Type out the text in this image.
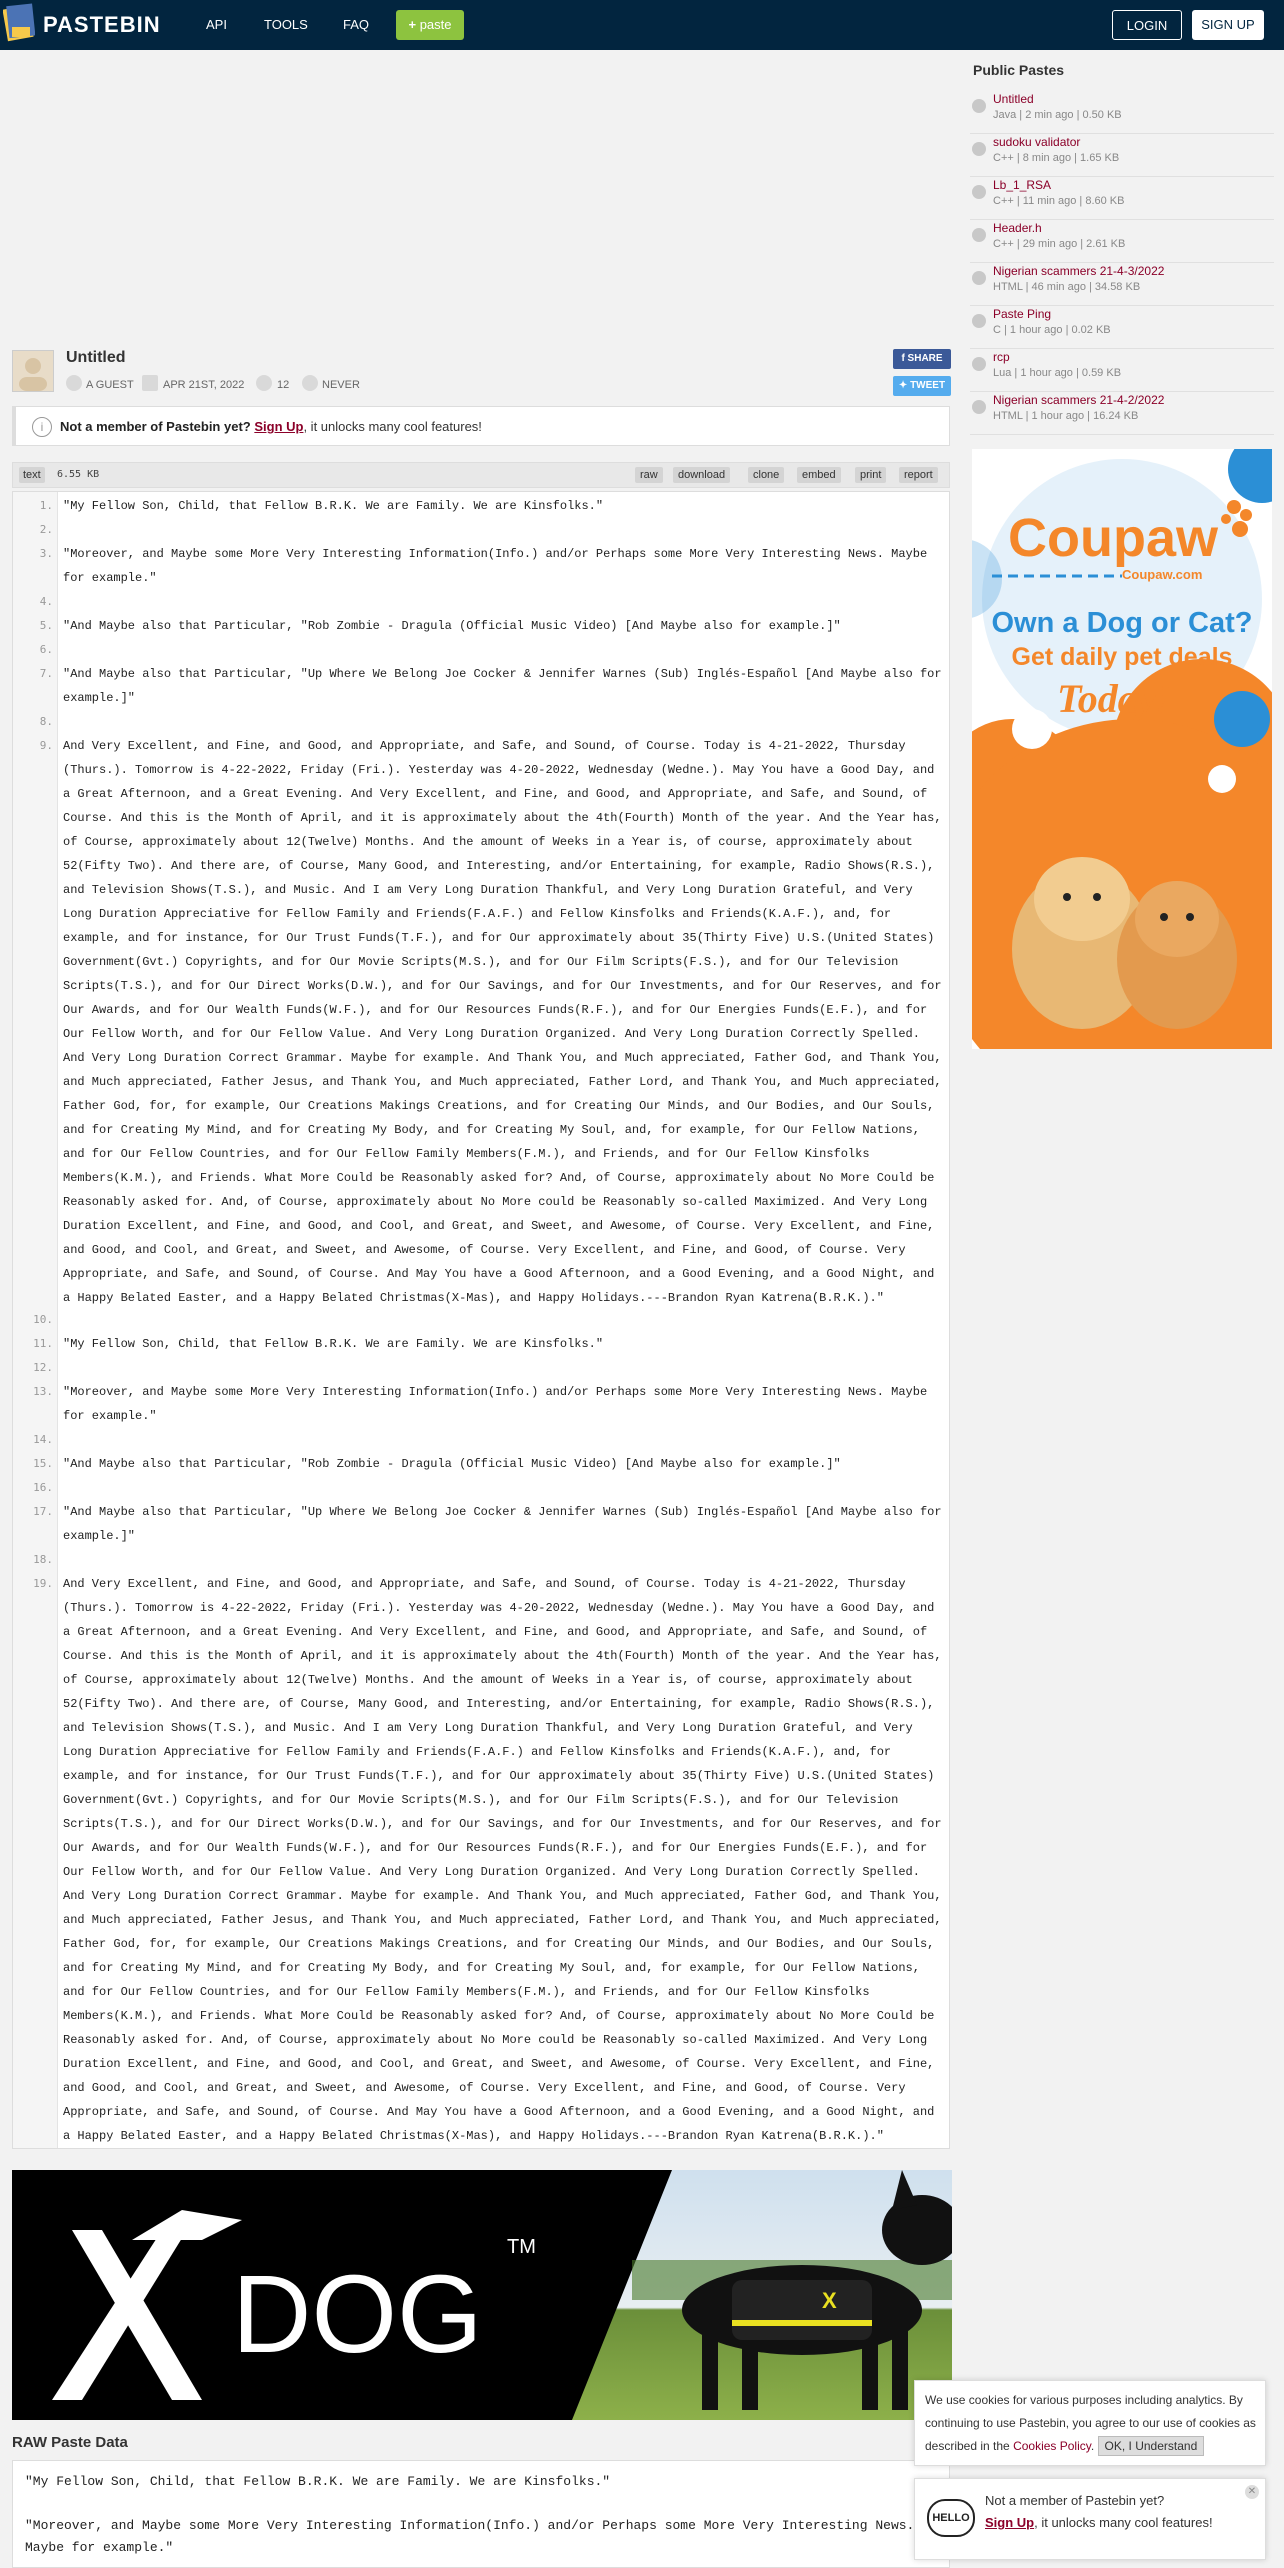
PASTEBIN	API	TOOLS	FAQ	+ paste	LOGIN	SIGN UP
Untitled
A GUEST	APR 21ST, 2022	12	NEVER
f SHARE
✦ TWEET
i	Not a member of Pastebin yet? Sign Up, it unlocks many cool features!
text	6.55 KB	raw	download	clone	embed	print	report
1. "My Fellow Son, Child, that Fellow B.R.K. We are Family. We are Kinsfolks."
2.
3. "Moreover, and Maybe some More Very Interesting Information(Info.) and/or Perhaps some More Very Interesting News. Maybe for example."
4.
5. "And Maybe also that Particular, "Rob Zombie - Dragula (Official Music Video) [And Maybe also for example.]"
6.
7. "And Maybe also that Particular, "Up Where We Belong Joe Cocker & Jennifer Warnes (Sub) Inglés-Español [And Maybe also for example.]"
8.
9. And Very Excellent, and Fine, and Good, and Appropriate, and Safe, and Sound, of Course. Today is 4-21-2022, Thursday (Thurs.). Tomorrow is 4-22-2022, Friday (Fri.). Yesterday was 4-20-2022, Wednesday (Wedne.). May You have a Good Day, and a Great Afternoon, and a Great Evening. And Very Excellent, and Fine, and Good, and Appropriate, and Safe, and Sound, of Course. And this is the Month of April, and it is approximately about the 4th(Fourth) Month of the year. And the Year has, of Course, approximately about 12(Twelve) Months. And the amount of Weeks in a Year is, of course, approximately about 52(Fifty Two). And there are, of Course, Many Good, and Interesting, and/or Entertaining, for example, Radio Shows(R.S.), and Television Shows(T.S.), and Music. And I am Very Long Duration Thankful, and Very Long Duration Grateful, and Very Long Duration Appreciative for Fellow Family and Friends(F.A.F.) and Fellow Kinsfolks and Friends(K.A.F.), and, for example, and for instance, for Our Trust Funds(T.F.), and for Our approximately about 35(Thirty Five) U.S.(United States) Government(Gvt.) Copyrights, and for Our Movie Scripts(M.S.), and for Our Film Scripts(F.S.), and for Our Television Scripts(T.S.), and for Our Direct Works(D.W.), and for Our Savings, and for Our Investments, and for Our Reserves, and for Our Awards, and for Our Wealth Funds(W.F.), and for Our Resources Funds(R.F.), and for Our Energies Funds(E.F.), and for Our Fellow Worth, and for Our Fellow Value. And Very Long Duration Organized. And Very Long Duration Correctly Spelled. And Very Long Duration Correct Grammar. Maybe for example. And Thank You, and Much appreciated, Father God, and Thank You, and Much appreciated, Father Jesus, and Thank You, and Much appreciated, Father Lord, and Thank You, and Much appreciated, Father God, for, for example, Our Creations Makings Creations, and for Creating Our Minds, and Our Bodies, and Our Souls, and for Creating My Mind, and for Creating My Body, and for Creating My Soul, and, for example, for Our Fellow Nations, and for Our Fellow Countries, and for Our Fellow Family Members(F.M.), and Friends, and for Our Fellow Kinsfolks Members(K.M.), and Friends. What More Could be Reasonably asked for? And, of Course, approximately about No More Could be Reasonably asked for. And, of Course, approximately about No More could be Reasonably so-called Maximized. And Very Long Duration Excellent, and Fine, and Good, and Cool, and Great, and Sweet, and Awesome, of Course. Very Excellent, and Fine, and Good, and Cool, and Great, and Sweet, and Awesome, of Course. Very Excellent, and Fine, and Good, of Course. Very Appropriate, and Safe, and Sound, of Course. And May You have a Good Afternoon, and a Good Evening, and a Good Night, and a Happy Belated Easter, and a Happy Belated Christmas(X-Mas), and Happy Holidays.---Brandon Ryan Katrena(B.R.K.)."
10.
11. "My Fellow Son, Child, that Fellow B.R.K. We are Family. We are Kinsfolks."
12.
13. "Moreover, and Maybe some More Very Interesting Information(Info.) and/or Perhaps some More Very Interesting News. Maybe for example."
14.
15. "And Maybe also that Particular, "Rob Zombie - Dragula (Official Music Video) [And Maybe also for example.]"
16.
17. "And Maybe also that Particular, "Up Where We Belong Joe Cocker & Jennifer Warnes (Sub) Inglés-Español [And Maybe also for example.]"
18.
19. And Very Excellent, and Fine, and Good, and Appropriate, and Safe, and Sound, of Course. Today is 4-21-2022, Thursday (Thurs.). Tomorrow is 4-22-2022, Friday (Fri.). Yesterday was 4-20-2022, Wednesday (Wedne.). May You have a Good Day, and a Great Afternoon, and a Great Evening. And Very Excellent, and Fine, and Good, and Appropriate, and Safe, and Sound, of Course. And this is the Month of April, and it is approximately about the 4th(Fourth) Month of the year. And the Year has, of Course, approximately about 12(Twelve) Months. And the amount of Weeks in a Year is, of course, approximately about 52(Fifty Two). And there are, of Course, Many Good, and Interesting, and/or Entertaining, for example, Radio Shows(R.S.), and Television Shows(T.S.), and Music. And I am Very Long Duration Thankful, and Very Long Duration Grateful, and Very Long Duration Appreciative for Fellow Family and Friends(F.A.F.) and Fellow Kinsfolks and Friends(K.A.F.), and, for example, and for instance, for Our Trust Funds(T.F.), and for Our approximately about 35(Thirty Five) U.S.(United States) Government(Gvt.) Copyrights, and for Our Movie Scripts(M.S.), and for Our Film Scripts(F.S.), and for Our Television Scripts(T.S.), and for Our Direct Works(D.W.), and for Our Savings, and for Our Investments, and for Our Reserves, and for Our Awards, and for Our Wealth Funds(W.F.), and for Our Resources Funds(R.F.), and for Our Energies Funds(E.F.), and for Our Fellow Worth, and for Our Fellow Value. And Very Long Duration Organized. And Very Long Duration Correctly Spelled. And Very Long Duration Correct Grammar. Maybe for example. And Thank You, and Much appreciated, Father God, and Thank You, and Much appreciated, Father Jesus, and Thank You, and Much appreciated, Father Lord, and Thank You, and Much appreciated, Father God, for, for example, Our Creations Makings Creations, and for Creating Our Minds, and Our Bodies, and Our Souls, and for Creating My Mind, and for Creating My Body, and for Creating My Soul, and, for example, for Our Fellow Nations, and for Our Fellow Countries, and for Our Fellow Family Members(F.M.), and Friends, and for Our Fellow Kinsfolks Members(K.M.), and Friends. What More Could be Reasonably asked for? And, of Course, approximately about No More Could be Reasonably asked for. And, of Course, approximately about No More could be Reasonably so-called Maximized. And Very Long Duration Excellent, and Fine, and Good, and Cool, and Great, and Sweet, and Awesome, of Course. Very Excellent, and Fine, and Good, and Cool, and Great, and Sweet, and Awesome, of Course. Very Excellent, and Fine, and Good, of Course. Very Appropriate, and Safe, and Sound, of Course. And May You have a Good Afternoon, and a Good Evening, and a Good Night, and a Happy Belated Easter, and a Happy Belated Christmas(X-Mas), and Happy Holidays.---Brandon Ryan Katrena(B.R.K.)."
X
DOG
TM
RAW Paste Data
"My Fellow Son, Child, that Fellow B.R.K. We are Family. We are Kinsfolks."
"Moreover, and Maybe some More Very Interesting Information(Info.) and/or Perhaps some More Very Interesting News. Maybe for example."
Public Pastes
Untitled
Java | 2 min ago | 0.50 KB
sudoku validator
C++ | 8 min ago | 1.65 KB
Lb_1_RSA
C++ | 11 min ago | 8.60 KB
Header.h
C++ | 29 min ago | 2.61 KB
Nigerian scammers 21-4-3/2022
HTML | 46 min ago | 34.58 KB
Paste Ping
C | 1 hour ago | 0.02 KB
rcp
Lua | 1 hour ago | 0.59 KB
Nigerian scammers 21-4-2/2022
HTML | 1 hour ago | 16.24 KB
Coupaw
Coupaw.com
Own a Dog or Cat?
Get daily pet deals
Today!
We use cookies for various purposes including analytics. By continuing to use Pastebin, you agree to our use of cookies as described in the Cookies Policy. OK, I Understand
HELLO
Not a member of Pastebin yet?
Sign Up, it unlocks many cool features!
✕
